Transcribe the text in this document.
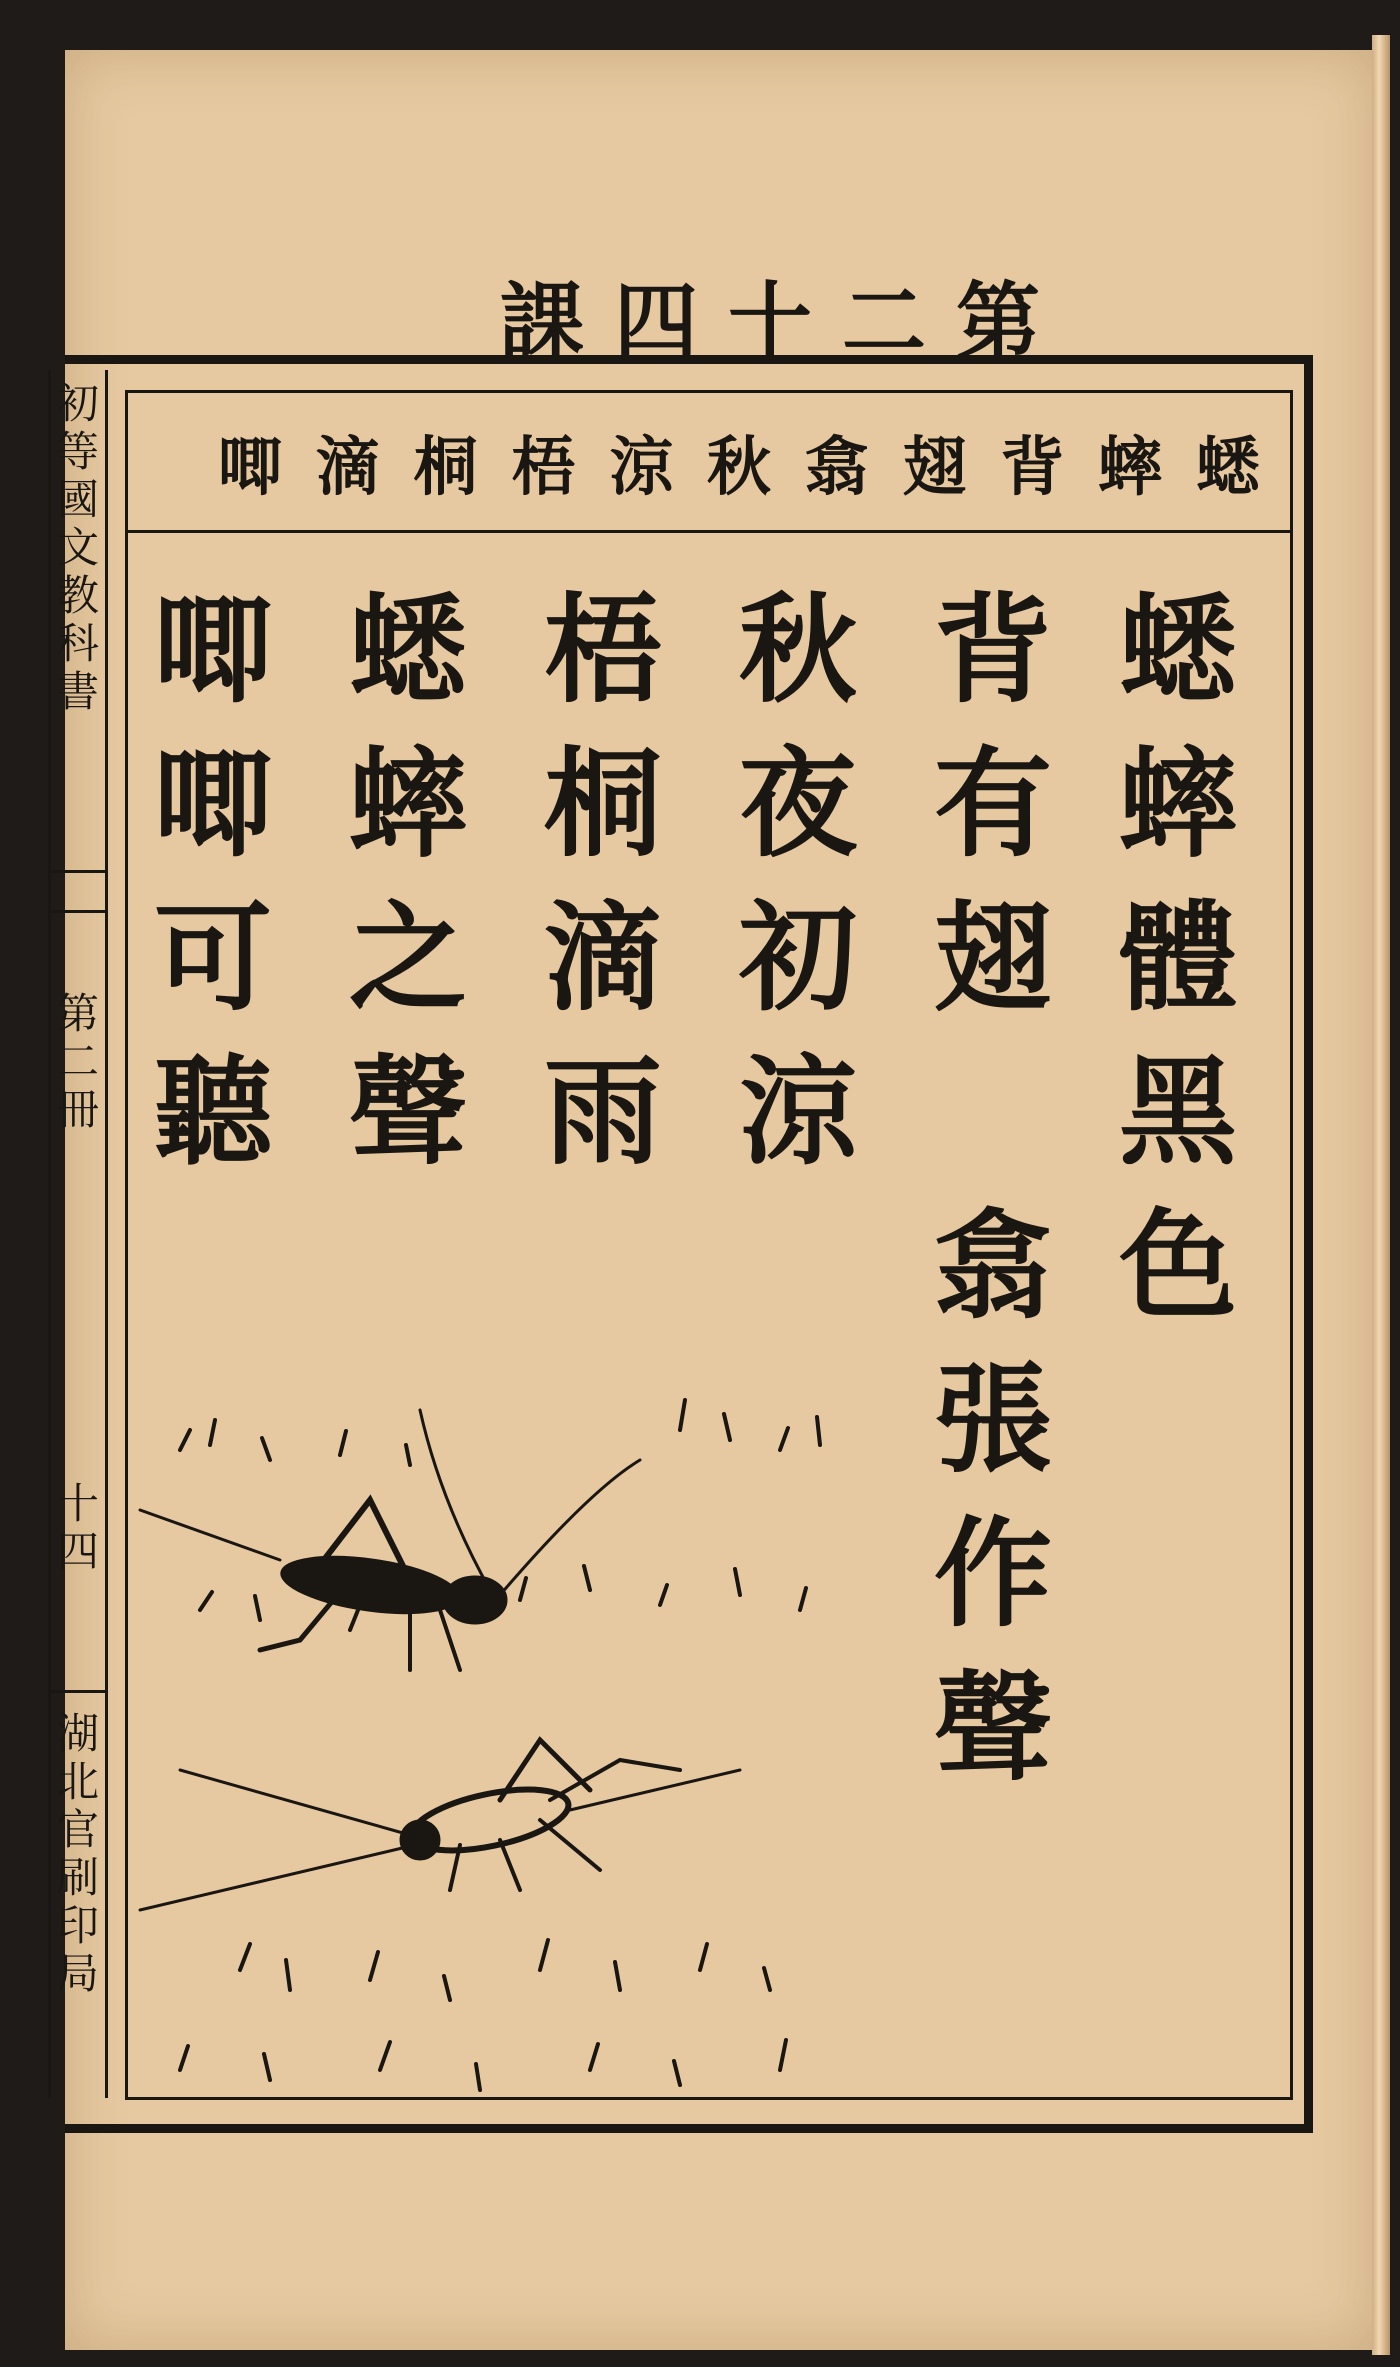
第
二
十
四
課
初
等
國
文
教
科
書
第
二
冊
十
四
湖
北
官
刷
印
局
蟋
蟀
背
翅
翕
秋
涼
梧
桐
滴
唧
蟋
蟀
體
黑
色
背
有
翅
翕
張
作
聲
秋
夜
初
涼
梧
桐
滴
雨
蟋
蟀
之
聲
唧
唧
可
聽
